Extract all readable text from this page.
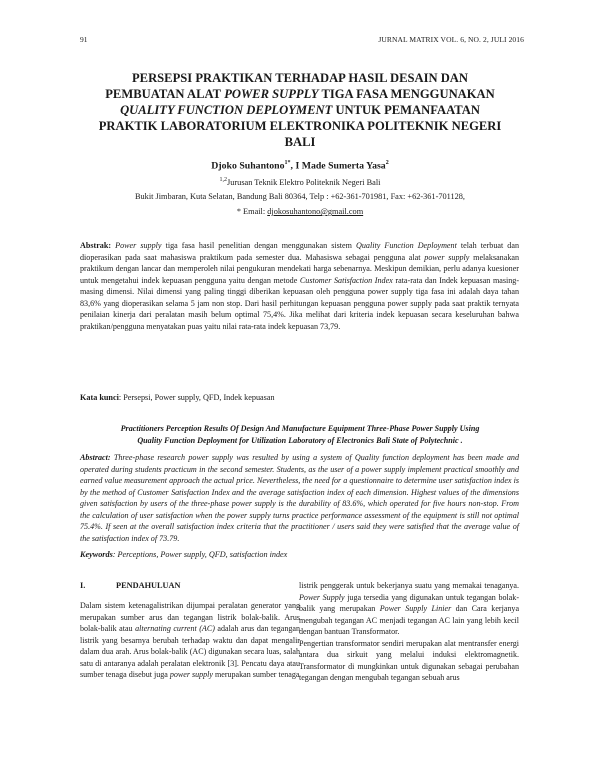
91	JURNAL MATRIX VOL. 6, NO. 2, JULI 2016
PERSEPSI PRAKTIKAN TERHADAP HASIL DESAIN DAN
PEMBUATAN ALAT POWER SUPPLY TIGA FASA MENGGUNAKAN
QUALITY FUNCTION DEPLOYMENT UNTUK PEMANFAATAN
PRAKTIK LABORATORIUM ELEKTRONIKA POLITEKNIK NEGERI
BALI
Djoko Suhantono$^{1*}$, I Made Sumerta Yasa$^2$
$^{1,2}$Jurusan Teknik Elektro Politeknik Negeri Bali
Bukit Jimbaran, Kuta Selatan, Bandung Bali 80364, Telp : +62-361-701981, Fax: +62-361-701128,
* Email: djokosuhantono@gmail.com
Abstrak: Power supply tiga fasa hasil penelitian dengan menggunakan sistem Quality Function Deployment telah terbuat dan dioperasikan pada saat mahasiswa praktikum pada semester dua. Mahasiswa sebagai pengguna alat power supply melaksanakan praktikum dengan lancar dan memperoleh nilai pengukuran mendekati harga sebenarnya. Meskipun demikian, perlu adanya kuesioner untuk mengetahui indek kepuasan pengguna yaitu dengan metode Customer Satisfaction Index rata-rata dan Indek kepuasan masing-masing dimensi. Nilai dimensi yang paling tinggi diberikan kepuasan oleh pengguna power supply tiga fasa ini adalah daya tahan 83,6% yang dioperasikan selama 5 jam non stop. Dari hasil perhitungan kepuasan pengguna power supply pada saat praktik ternyata penilaian kinerja dari peralatan masih belum optimal 75,4%. Jika melihat dari kriteria indek kepuasan secara keseluruhan bahwa praktikan/pengguna menyatakan puas yaitu nilai rata-rata indek kepuasan 73,79.
Kata kunci: Persepsi, Power supply, QFD, Indek kepuasan
Practitioners Perception Results Of Design And Manufacture Equipment Three-Phase Power Supply Using
Quality Function Deployment for Utilization Laboratory of Electronics Bali State of Polytechnic .
Abstract: Three-phase research power supply was resulted by using a system of Quality function deployment has been made and operated during students practicum in the second semester. Students, as the user of a power supply implement practical smoothly and earned value measurement approach the actual price. Nevertheless, the need for a questionnaire to determine user satisfaction index is by the method of Customer Satisfaction Index and the average satisfaction index of each dimension. Highest values of the dimensions given satisfaction by users of the three-phase power supply is the durability of 83.6%, which operated for five hours non-stop. From the calculation of user satisfaction when the power supply turns practice performance assessment of the equipment is still not optimal 75.4%. If seen at the overall satisfaction index criteria that the practitioner / users said they were satisfied that the average value of the satisfaction index of 73.79.
Keywords: Perceptions, Power supply, QFD, satisfaction index
I.	PENDAHULUAN

Dalam sistem ketenagalistrikan dijumpai peralatan generator yang merupakan sumber arus dan tegangan listrik bolak-balik. Arus bolak-balik atau alternating current (AC) adalah arus dan tegangan listrik yang besarnya berubah terhadap waktu dan dapat mengalir dalam dua arah. Arus bolak-balik (AC) digunakan secara luas, salah satu di antaranya adalah peralatan elektronik [3]. Pencatu daya atau sumber tenaga disebut juga power supply merupakan sumber tenaga

listrik penggerak untuk bekerjanya suatu yang memakai tenaganya. Power Supply juga tersedia yang digunakan untuk tegangan bolak-balik yang merupakan Power Supply Linier dan Cara kerjanya mengubah tegangan AC menjadi tegangan AC lain yang lebih kecil dengan bantuan Transformator.

Pengertian transformator sendiri merupakan alat mentransfer energi antara dua sirkuit yang melalui induksi elektromagnetik. Transformator di mungkinkan untuk digunakan sebagai perubahan tegangan dengan mengubah tegangan sebuah arus
